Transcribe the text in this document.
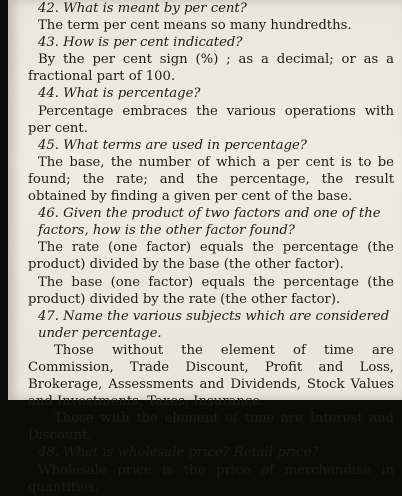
42. What is meant by per cent?

The term per cent means so many hundredths.

43. How is per cent indicated?

By the per cent sign (%) ; as a decimal; or as a fractional part of 100.

44. What is percentage?

Percentage embraces the various operations with per cent.

45. What terms are used in percentage?

The base, the number of which a per cent is to be found; the rate; and the percentage, the result obtained by finding a given per cent of the base.

46. Given the product of two factors and one of the factors, how is the other factor found?

The rate (one factor) equals the percentage (the product) divided by the base (the other factor).

The base (one factor) equals the percentage (the product) divided by the rate (the other factor).

47. Name the various subjects which are considered under percentage.

Those without the element of time are Commission, Trade Discount, Profit and Loss, Brokerage, Assessments and Dividends, Stock Values and Investments, Taxes, Insurance.

Those with the element of time are Interest and Discount.

48. What is wholesale price? Retail price?

Wholesale price is the price of merchandise in quantities.
